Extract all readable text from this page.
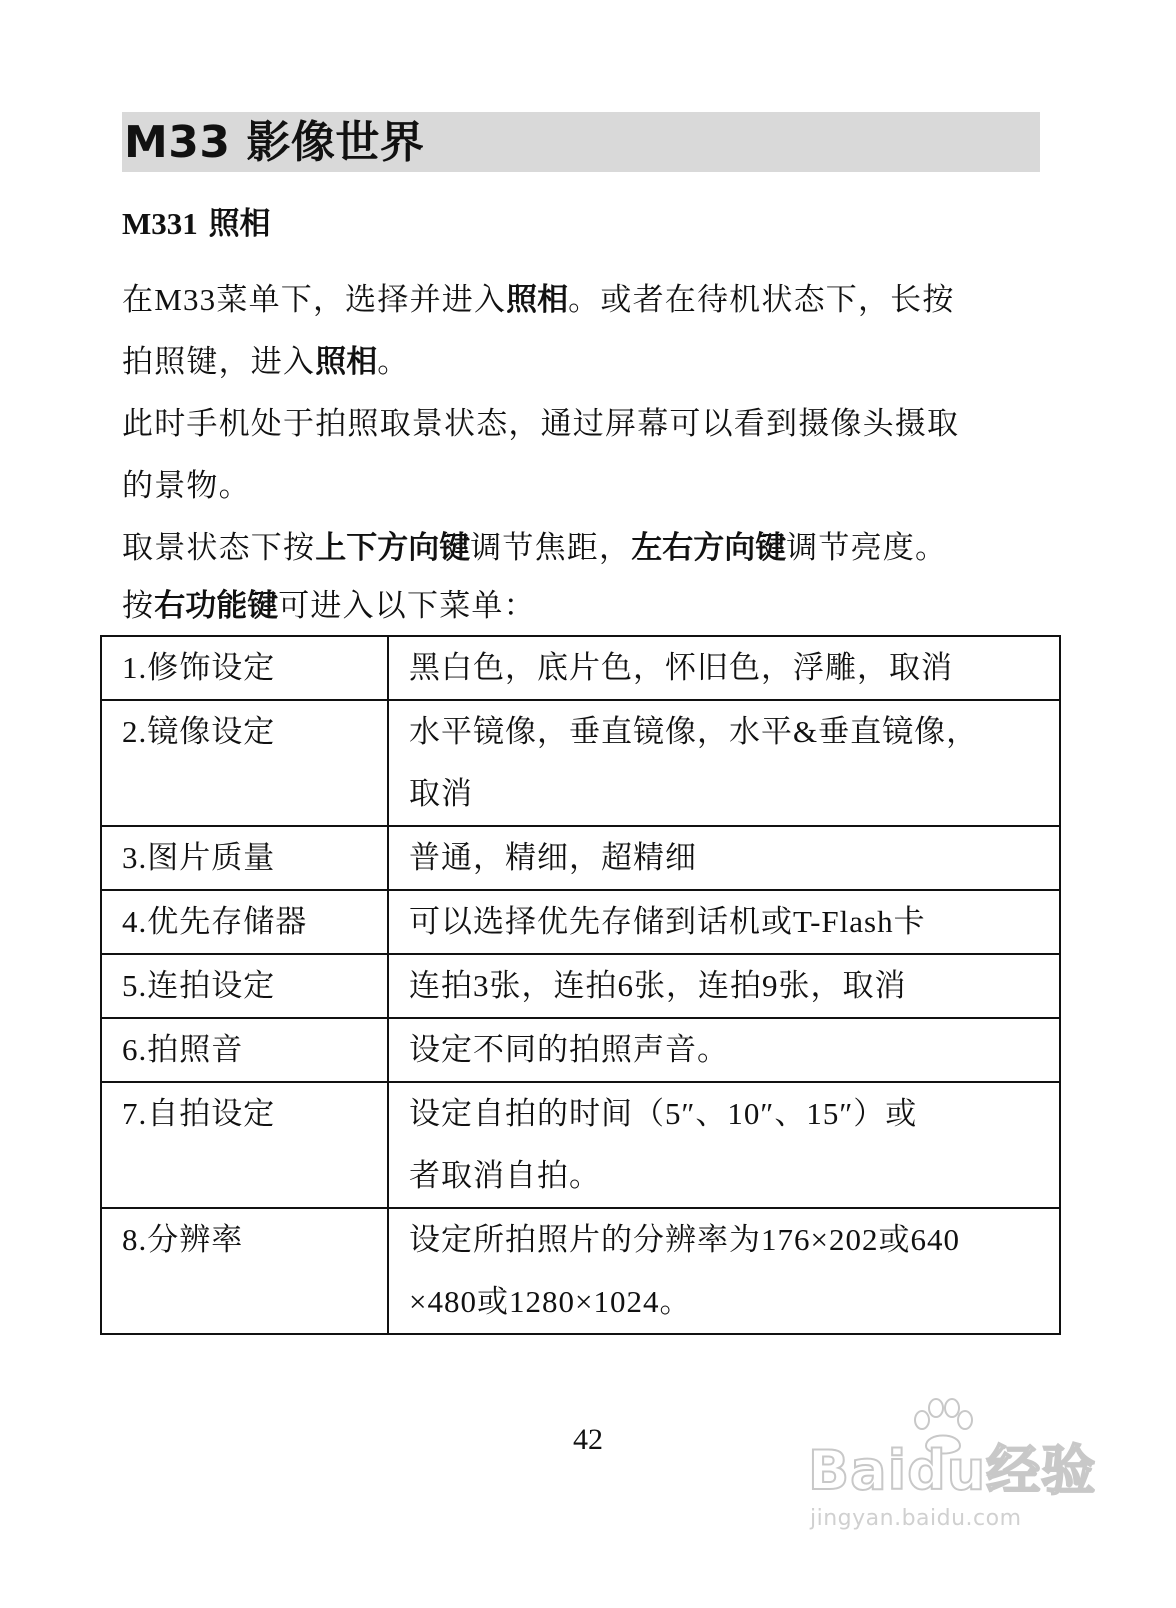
M33 影像世界
M331 照相
在M33菜单下，选择并进入照相。或者在待机状态下，长按
拍照键，进入照相。
此时手机处于拍照取景状态，通过屏幕可以看到摄像头摄取
的景物。
取景状态下按上下方向键调节焦距，左右方向键调节亮度。
按右功能键可进入以下菜单：
1.修饰设定	黑白色，底片色，怀旧色，浮雕，取消

2.镜像设定	水平镜像，垂直镜像，水平&垂直镜像，
取消

3.图片质量	普通，精细，超精细

4.优先存储器	可以选择优先存储到话机或T-Flash卡

5.连拍设定	连拍3张，连拍6张，连拍9张，取消

6.拍照音	设定不同的拍照声音。

7.自拍设定	设定自拍的时间（5″、10″、15″）或
者取消自拍。

8.分辨率	设定所拍照片的分辨率为176×202或640
×480或1280×1024。
42	Baidu经验
jingyan.baidu.com
